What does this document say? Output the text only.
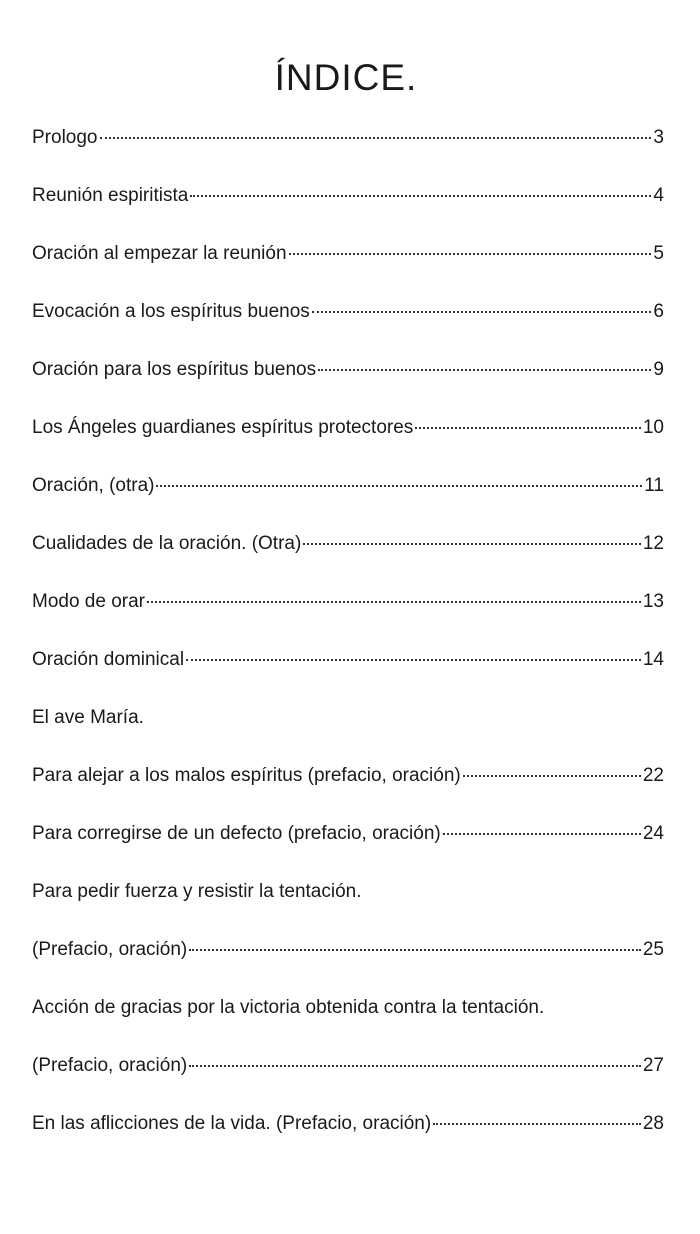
ÍNDICE.
Prologo	3
Reunión espiritista	4
Oración al empezar la reunión	5
Evocación a los espíritus buenos	6
Oración para los espíritus buenos	9
Los Ángeles guardianes espíritus protectores	10
Oración, (otra)	11
Cualidades de la oración. (Otra)	12
Modo de orar	13
Oración dominical	14
El ave María.
Para alejar a los malos espíritus (prefacio, oración)	22
Para corregirse de un defecto (prefacio, oración)	24
Para pedir fuerza y resistir la tentación.
(Prefacio, oración)	25
Acción de gracias por la victoria obtenida contra la tentación.
(Prefacio, oración)	27
En las aflicciones de la vida. (Prefacio, oración)	28
